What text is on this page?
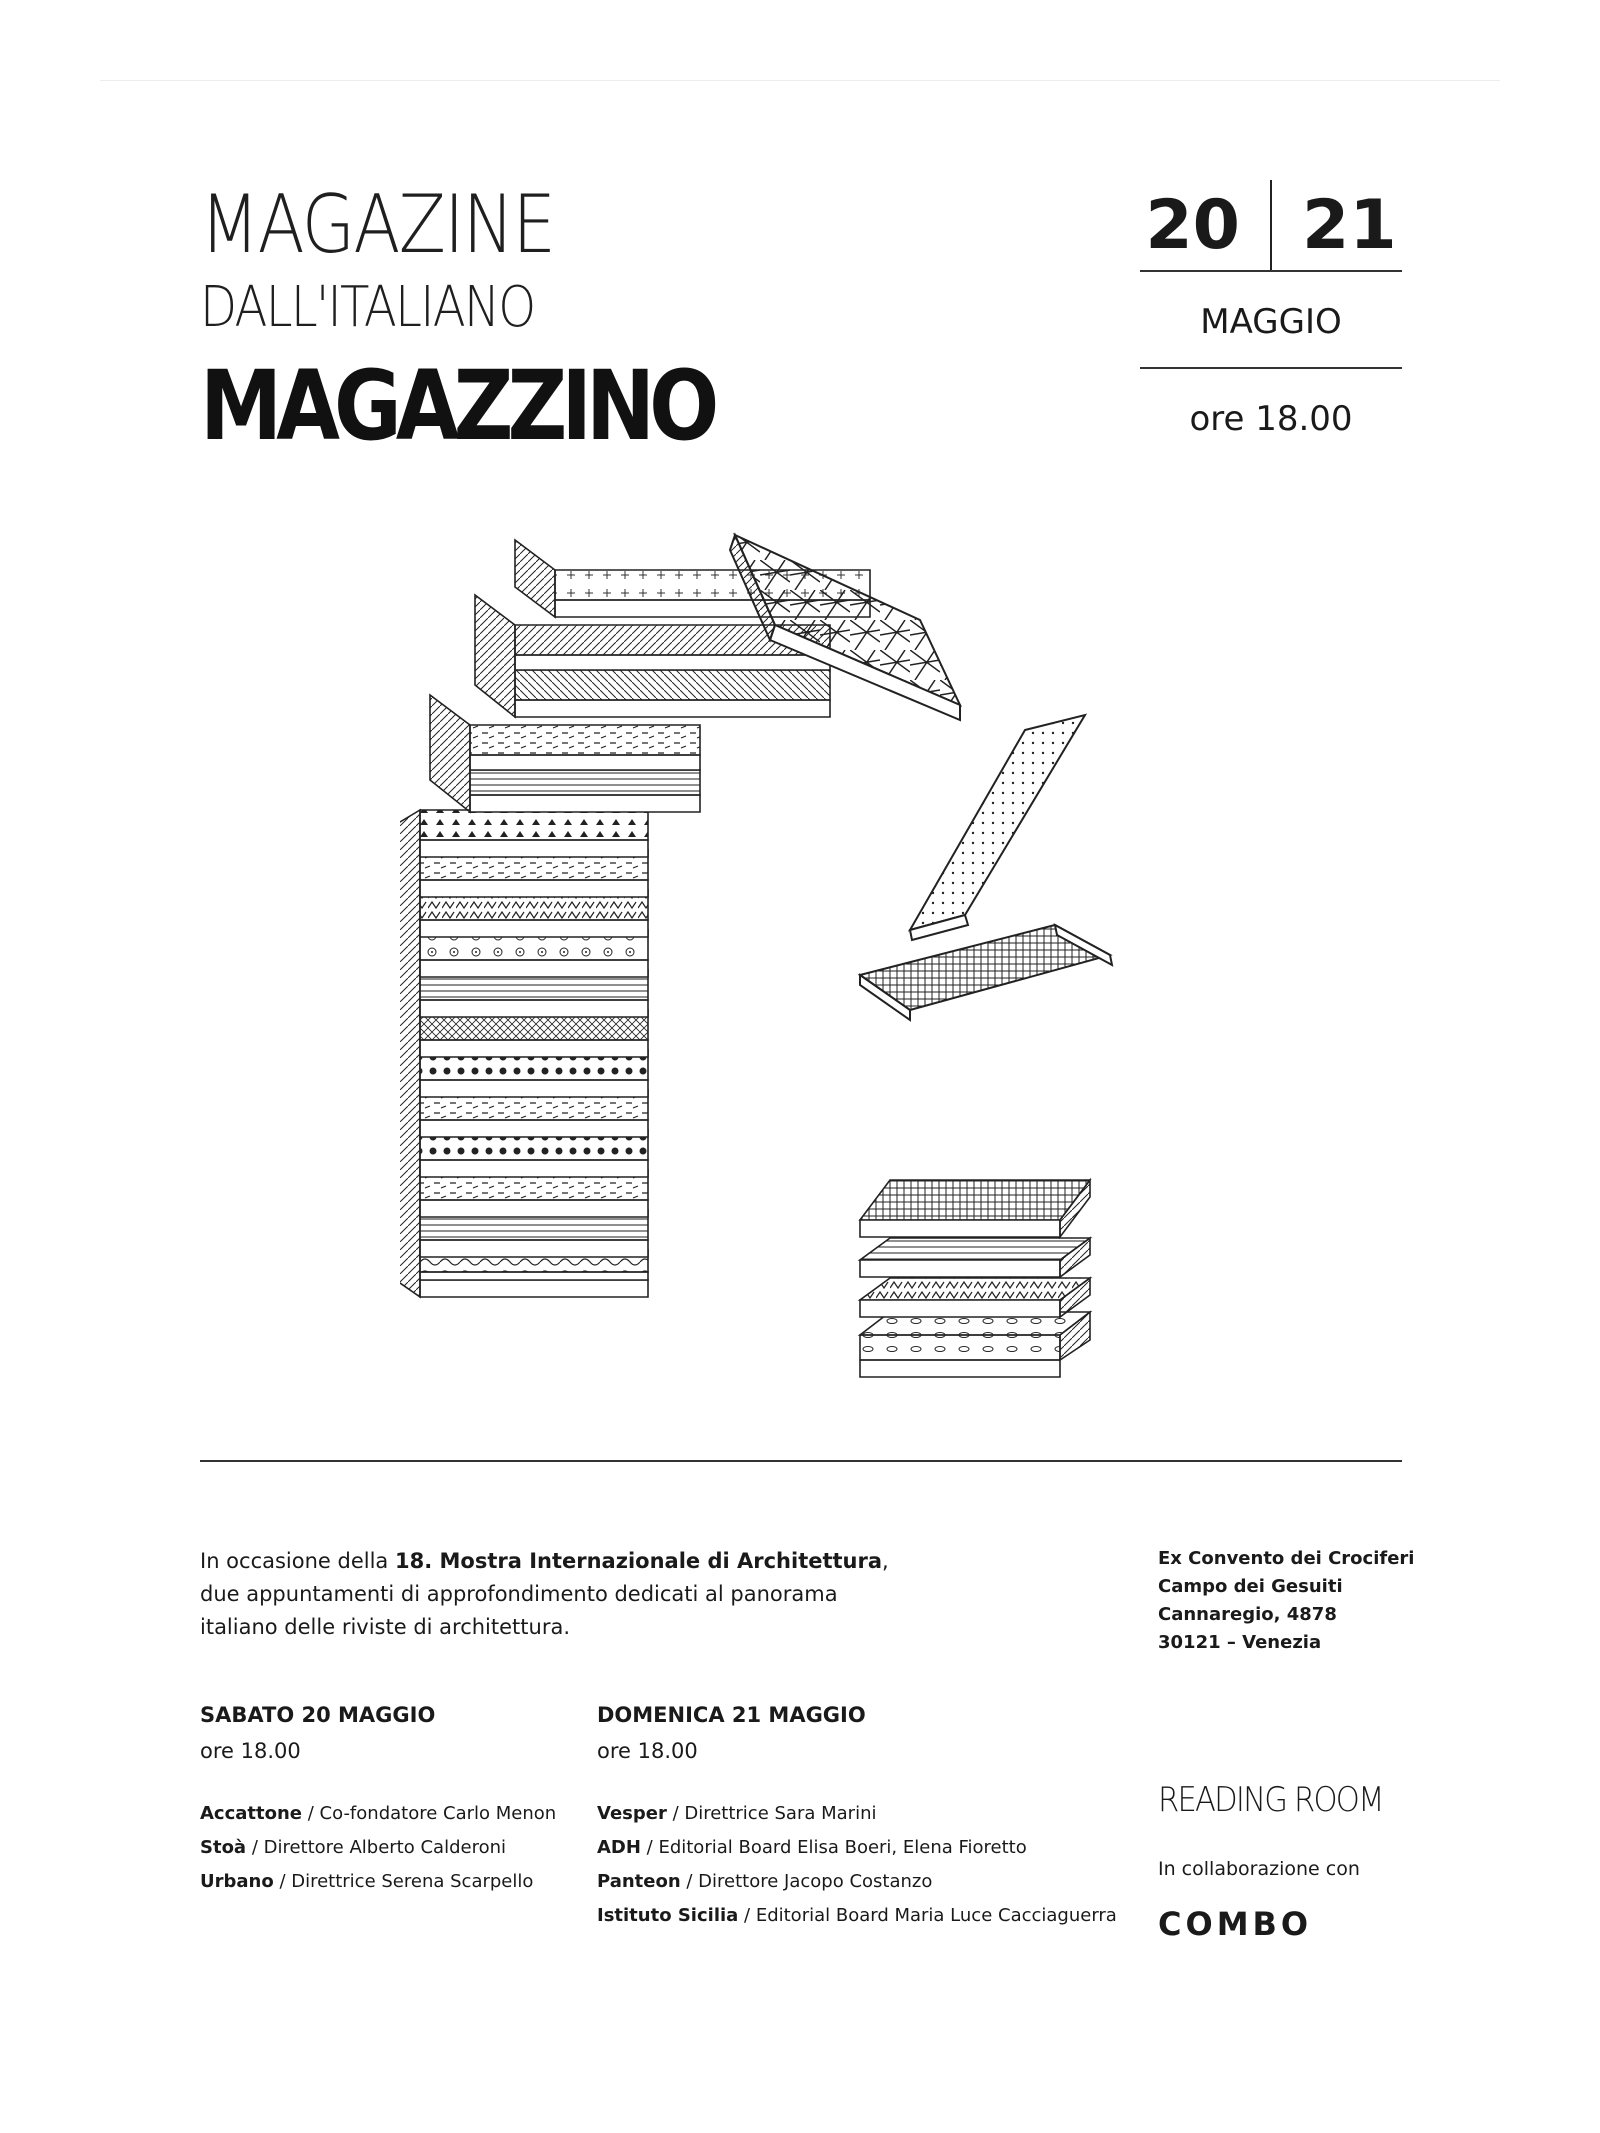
MAGAZINE
DALL'ITALIANO
MAGAZZINO
20 21
MAGGIO
ore 18.00
In occasione della 18. Mostra Internazionale di Architettura,
due appuntamenti di approfondimento dedicati al panorama
italiano delle riviste di architettura.
Ex Convento dei Crociferi
Campo dei Gesuiti
Cannaregio, 4878
30121 – Venezia
SABATO 20 MAGGIO
ore 18.00
Accattone / Co-fondatore Carlo Menon
Stoà / Direttore Alberto Calderoni
Urbano / Direttrice Serena Scarpello
DOMENICA 21 MAGGIO
ore 18.00
Vesper / Direttrice Sara Marini
ADH / Editorial Board Elisa Boeri, Elena Fioretto
Panteon / Direttore Jacopo Costanzo
Istituto Sicilia / Editorial Board Maria Luce Cacciaguerra
READING ROOM
In collaborazione con
COMBO
